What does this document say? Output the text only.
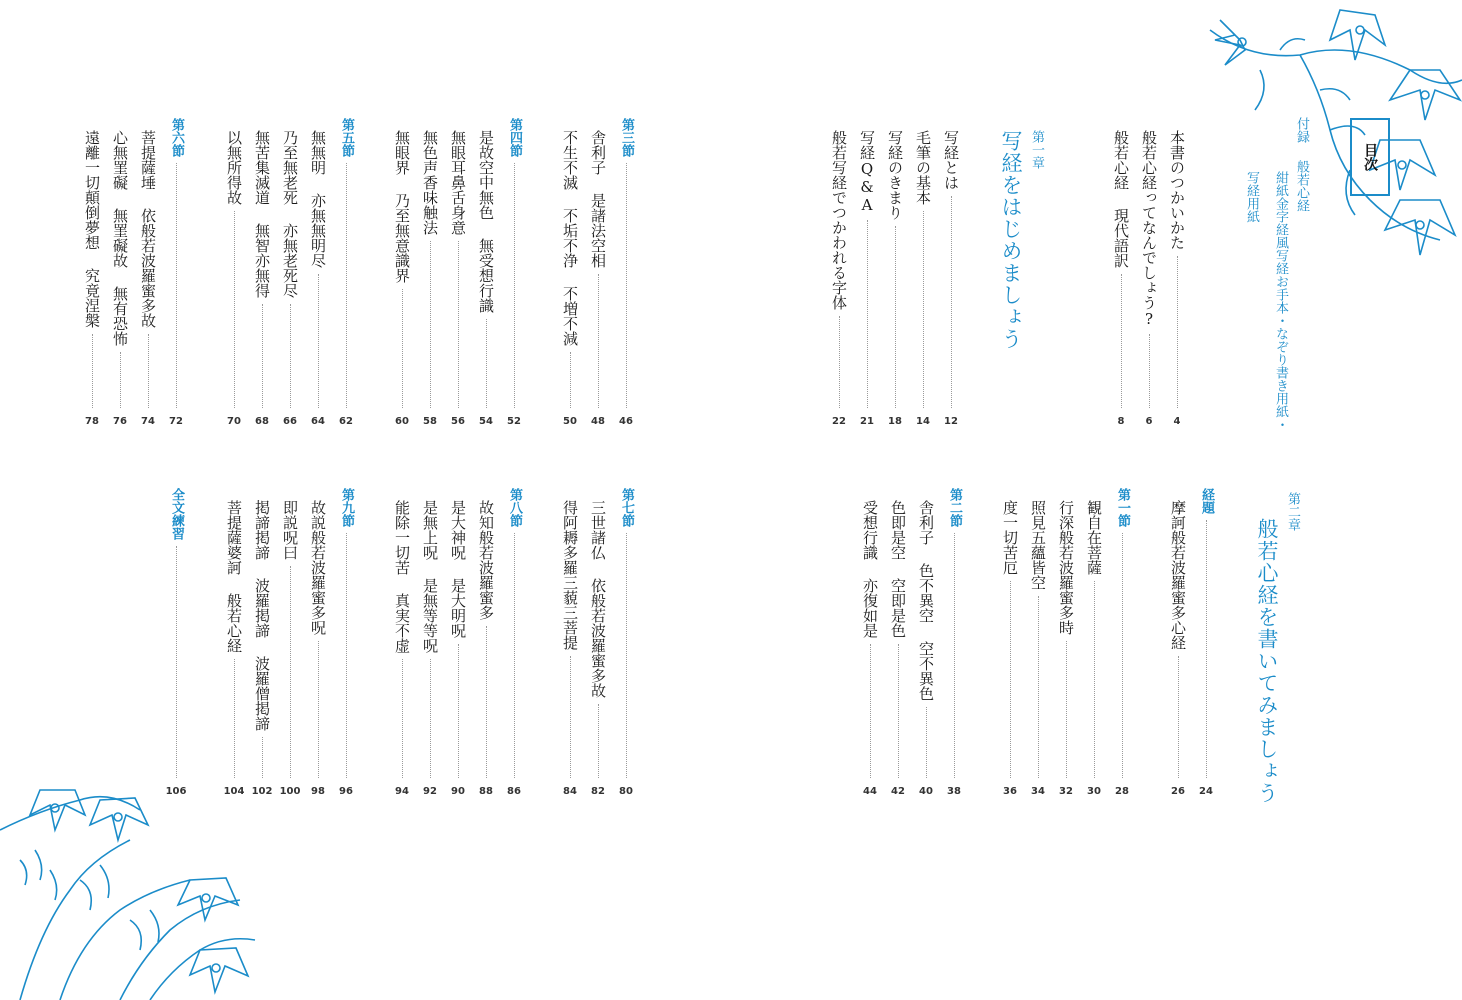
目次
付録
般若心経
紺紙金字経風写経お手本・なぞり書き用紙・
写経用紙
本書のつかいかた
4
般若心経ってなんでしょう?
6
般若心経 現代語訳
8
第一章
写経をはじめましょう
写経とは
12
毛筆の基本
14
写経のきまり
18
写経Q&A
21
般若写経でつかわれる字体
22
第二章
般若心経を書いてみましょう
経題
24
摩訶般若波羅蜜多心経
26
第一節
28
観自在菩薩
30
行深般若波羅蜜多時
32
照見五蘊皆空
34
度一切苦厄
36
第二節
38
舎利子 色不異空 空不異色
40
色即是空 空即是色
42
受想行識 亦復如是
44
第三節
46
舎利子 是諸法空相
48
不生不滅 不垢不浄 不増不減
50
第四節
52
是故空中無色 無受想行識
54
無眼耳鼻舌身意
56
無色声香味触法
58
無眼界 乃至無意識界
60
第五節
62
無無明 亦無無明尽
64
乃至無老死 亦無老死尽
66
無苦集滅道 無智亦無得
68
以無所得故
70
第六節
72
菩提薩埵 依般若波羅蜜多故
74
心無罣礙 無罣礙故 無有恐怖
76
遠離一切顛倒夢想 究竟涅槃
78
第七節
80
三世諸仏 依般若波羅蜜多故
82
得阿耨多羅三藐三菩提
84
第八節
86
故知般若波羅蜜多
88
是大神呪 是大明呪
90
是無上呪 是無等等呪
92
能除一切苦 真実不虚
94
第九節
96
故説般若波羅蜜多呪
98
即説呪曰
100
掲諦掲諦 波羅掲諦 波羅僧掲諦
102
菩提薩婆訶 般若心経
104
全文練習
106
